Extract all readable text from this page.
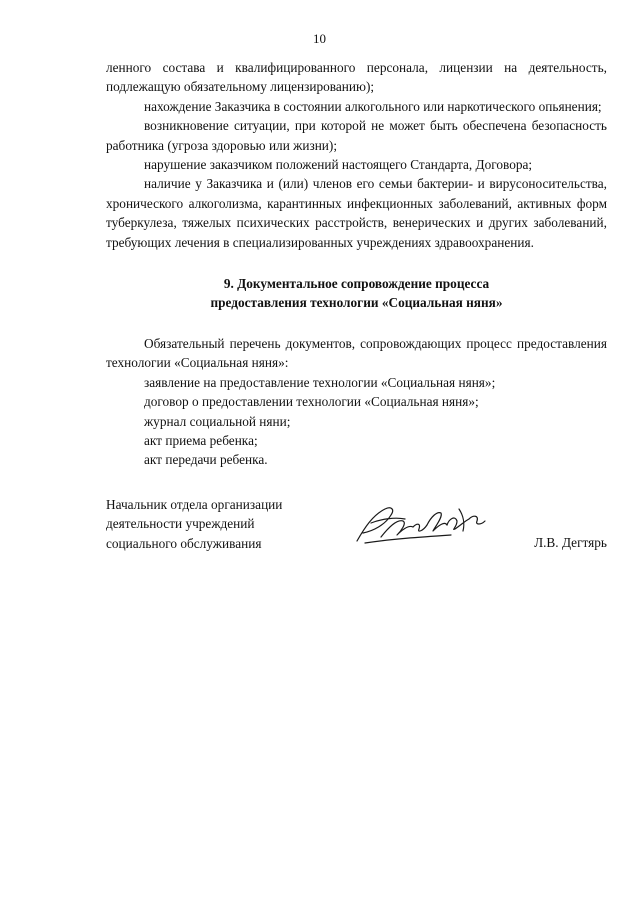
10

ленного состава и квалифицированного персонала, лицензии на деятельность, подлежащую обязательному лицензированию);

нахождение Заказчика в состоянии алкогольного или наркотического опьянения;

возникновение ситуации, при которой не может быть обеспечена безопасность работника (угроза здоровью или жизни);

нарушение заказчиком положений настоящего Стандарта, Договора;

наличие у Заказчика и (или) членов его семьи бактерии- и вирусоносительства, хронического алкоголизма, карантинных инфекционных заболеваний, активных форм туберкулеза, тяжелых психических расстройств, венерических и других заболеваний, требующих лечения в специализированных учреждениях здравоохранения.

9. Документальное сопровождение процесса
предоставления технологии «Социальная няня»

Обязательный перечень документов, сопровождающих процесс предоставления технологии «Социальная няня»:

заявление на предоставление технологии «Социальная няня»;

договор о предоставлении технологии «Социальная няня»;

журнал социальной няни;

акт приема ребенка;

акт передачи ребенка.

Начальник отдела организации
деятельности учреждений
социального обслуживания	Л.В. Дегтярь
